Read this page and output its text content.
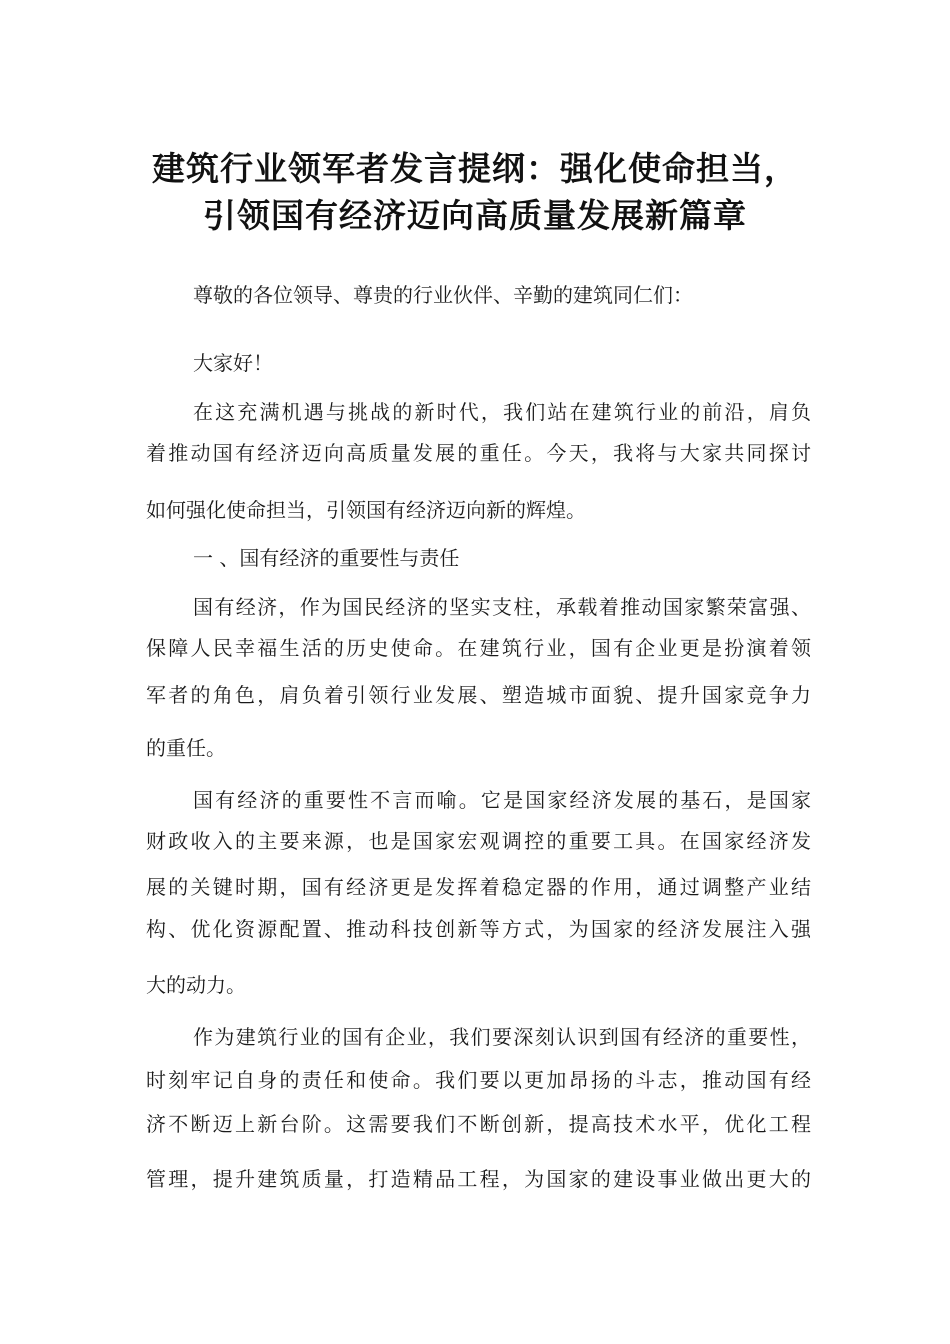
建筑行业领军者发言提纲：强化使命担当，
引领国有经济迈向高质量发展新篇章
尊敬的各位领导、尊贵的行业伙伴、辛勤的建筑同仁们：
大家好！
在这充满机遇与挑战的新时代，我们站在建筑行业的前沿，肩负
着推动国有经济迈向高质量发展的重任。今天，我将与大家共同探讨
如何强化使命担当，引领国有经济迈向新的辉煌。
一 、国有经济的重要性与责任
国有经济，作为国民经济的坚实支柱，承载着推动国家繁荣富强、
保障人民幸福生活的历史使命。在建筑行业，国有企业更是扮演着领
军者的角色，肩负着引领行业发展、塑造城市面貌、提升国家竞争力
的重任。
国有经济的重要性不言而喻。它是国家经济发展的基石，是国家
财政收入的主要来源，也是国家宏观调控的重要工具。在国家经济发
展的关键时期，国有经济更是发挥着稳定器的作用，通过调整产业结
构、优化资源配置、推动科技创新等方式，为国家的经济发展注入强
大的动力。
作为建筑行业的国有企业，我们要深刻认识到国有经济的重要性，
时刻牢记自身的责任和使命。我们要以更加昂扬的斗志，推动国有经
济不断迈上新台阶。这需要我们不断创新，提高技术水平，优化工程
管理，提升建筑质量，打造精品工程，为国家的建设事业做出更大的
